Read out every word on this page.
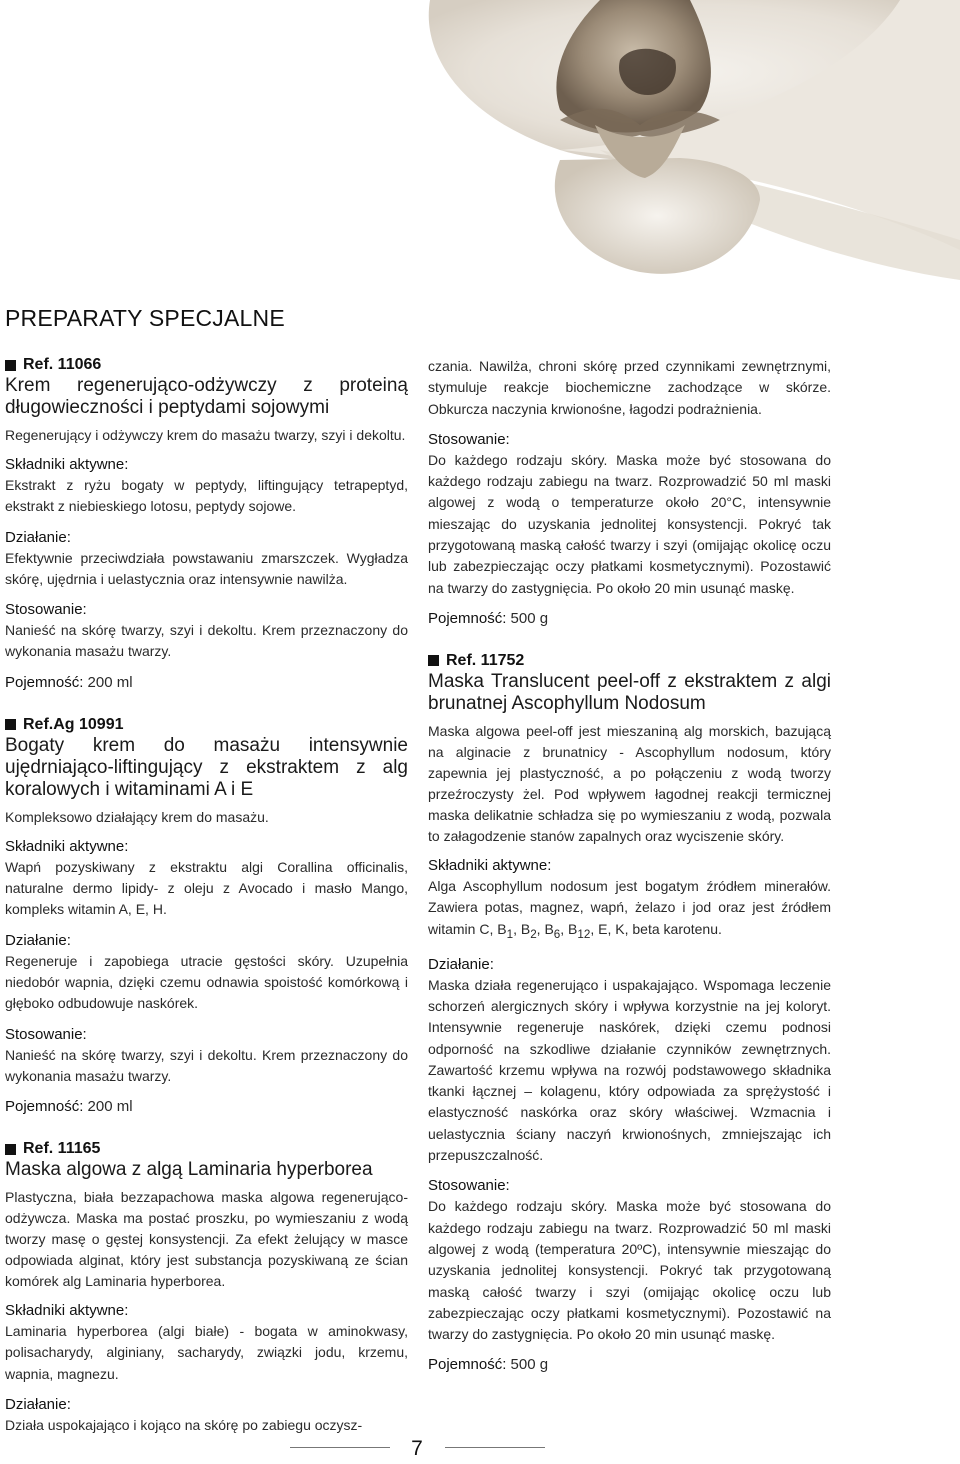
PREPARATY SPECJALNE
Ref. 11066
Krem regenerująco-odżywczy z proteiną długowieczności i peptydami sojowymi

Regenerujący i odżywczy krem do masażu twarzy, szyi i dekoltu.

Składniki aktywne:
Ekstrakt z ryżu bogaty w peptydy, liftingujący tetrapeptyd, ekstrakt z niebieskiego lotosu, peptydy sojowe.
Działanie:
Efektywnie przeciwdziała powstawaniu zmarszczek. Wygładza skórę, ujędrnia i uelastycznia oraz intensywnie nawilża.
Stosowanie:
Nanieść na skórę twarzy, szyi i dekoltu. Krem przeznaczony do wykonania masażu twarzy.
Pojemność: 200 ml
Ref.Ag 10991
Bogaty krem do masażu intensywnie ujędrniająco-liftingujący z ekstraktem z alg koralowych i witaminami A i E

Kompleksowo działający krem do masażu.

Składniki aktywne:
Wapń pozyskiwany z ekstraktu algi Corallina officinalis, naturalne dermo lipidy- z oleju z Avocado i masło Mango, kompleks witamin A, E, H.
Działanie:
Regeneruje i zapobiega utracie gęstości skóry. Uzupełnia niedobór wapnia, dzięki czemu odnawia spoistość komórkową i głęboko odbudowuje naskórek.
Stosowanie:
Nanieść na skórę twarzy, szyi i dekoltu. Krem przeznaczony do wykonania masażu twarzy.
Pojemność: 200 ml
Ref. 11165
Maska algowa z algą Laminaria hyperborea

Plastyczna, biała bezzapachowa maska algowa regenerująco-odżywcza. Maska ma postać proszku, po wymieszaniu z wodą tworzy masę o gęstej konsystencji. Za efekt żelujący w masce odpowiada alginat, który jest substancja pozyskiwaną ze ścian komórek alg Laminaria hyperborea.

Składniki aktywne:
Laminaria hyperborea (algi białe) - bogata w aminokwasy, polisacharydy, alginiany, sacharydy, związki jodu, krzemu, wapnia, magnezu.
Działanie:
Działa uspokajająco i kojąco na skórę po zabiegu oczysz-
czania. Nawilża, chroni skórę przed czynnikami zewnętrznymi, stymuluje reakcje biochemiczne zachodzące w skórze. Obkurcza naczynia krwionośne, łagodzi podrażnienia.
Stosowanie:
Do każdego rodzaju skóry. Maska może być stosowana do każdego rodzaju zabiegu na twarz. Rozprowadzić 50 ml maski algowej z wodą o temperaturze około 20°C, intensywnie mieszając do uzyskania jednolitej konsystencji. Pokryć tak przygotowaną maską całość twarzy i szyi (omijając okolicę oczu lub zabezpieczając oczy płatkami kosmetycznymi). Pozostawić na twarzy do zastygnięcia. Po około 20 min usunąć maskę.
Pojemność: 500 g
Ref. 11752
Maska Translucent peel-off z ekstraktem z algi brunatnej Ascophyllum Nodosum

Maska algowa peel-off jest mieszaniną alg morskich, bazującą na alginacie z brunatnicy - Ascophyllum nodosum, który zapewnia jej plastyczność, a po połączeniu z wodą tworzy przeźroczysty żel. Pod wpływem łagodnej reakcji termicznej maska delikatnie schładza się po wymieszaniu z wodą, pozwala to załagodzenie stanów zapalnych oraz wyciszenie skóry.

Składniki aktywne:
Alga Ascophyllum nodosum jest bogatym źródłem minerałów. Zawiera potas, magnez, wapń, żelazo i jod oraz jest źródłem witamin C, $B_1$, $B_2$, $B_6$, $B_{12}$, E, K, beta karotenu.
Działanie:
Maska działa regenerująco i uspakajająco. Wspomaga leczenie schorzeń alergicznych skóry i wpływa korzystnie na jej koloryt. Intensywnie regeneruje naskórek, dzięki czemu podnosi odporność na szkodliwe działanie czynników zewnętrznych. Zawartość krzemu wpływa na rozwój podstawowego składnika tkanki łącznej – kolagenu, który odpowiada za sprężystość i elastyczność naskórka oraz skóry właściwej. Wzmacnia i uelastycznia ściany naczyń krwionośnych, zmniejszając ich przepuszczalność.
Stosowanie:
Do każdego rodzaju skóry. Maska może być stosowana do każdego rodzaju zabiegu na twarz. Rozprowadzić 50 ml maski algowej z wodą (temperatura 20ºC), intensywnie mieszając do uzyskania jednolitej konsystencji. Pokryć tak przygotowaną maską całość twarzy i szyi (omijając okolicę oczu lub zabezpieczając oczy płatkami kosmetycznymi). Pozostawić na twarzy do zastygnięcia. Po około 20 min usunąć maskę.
Pojemność: 500 g
7
